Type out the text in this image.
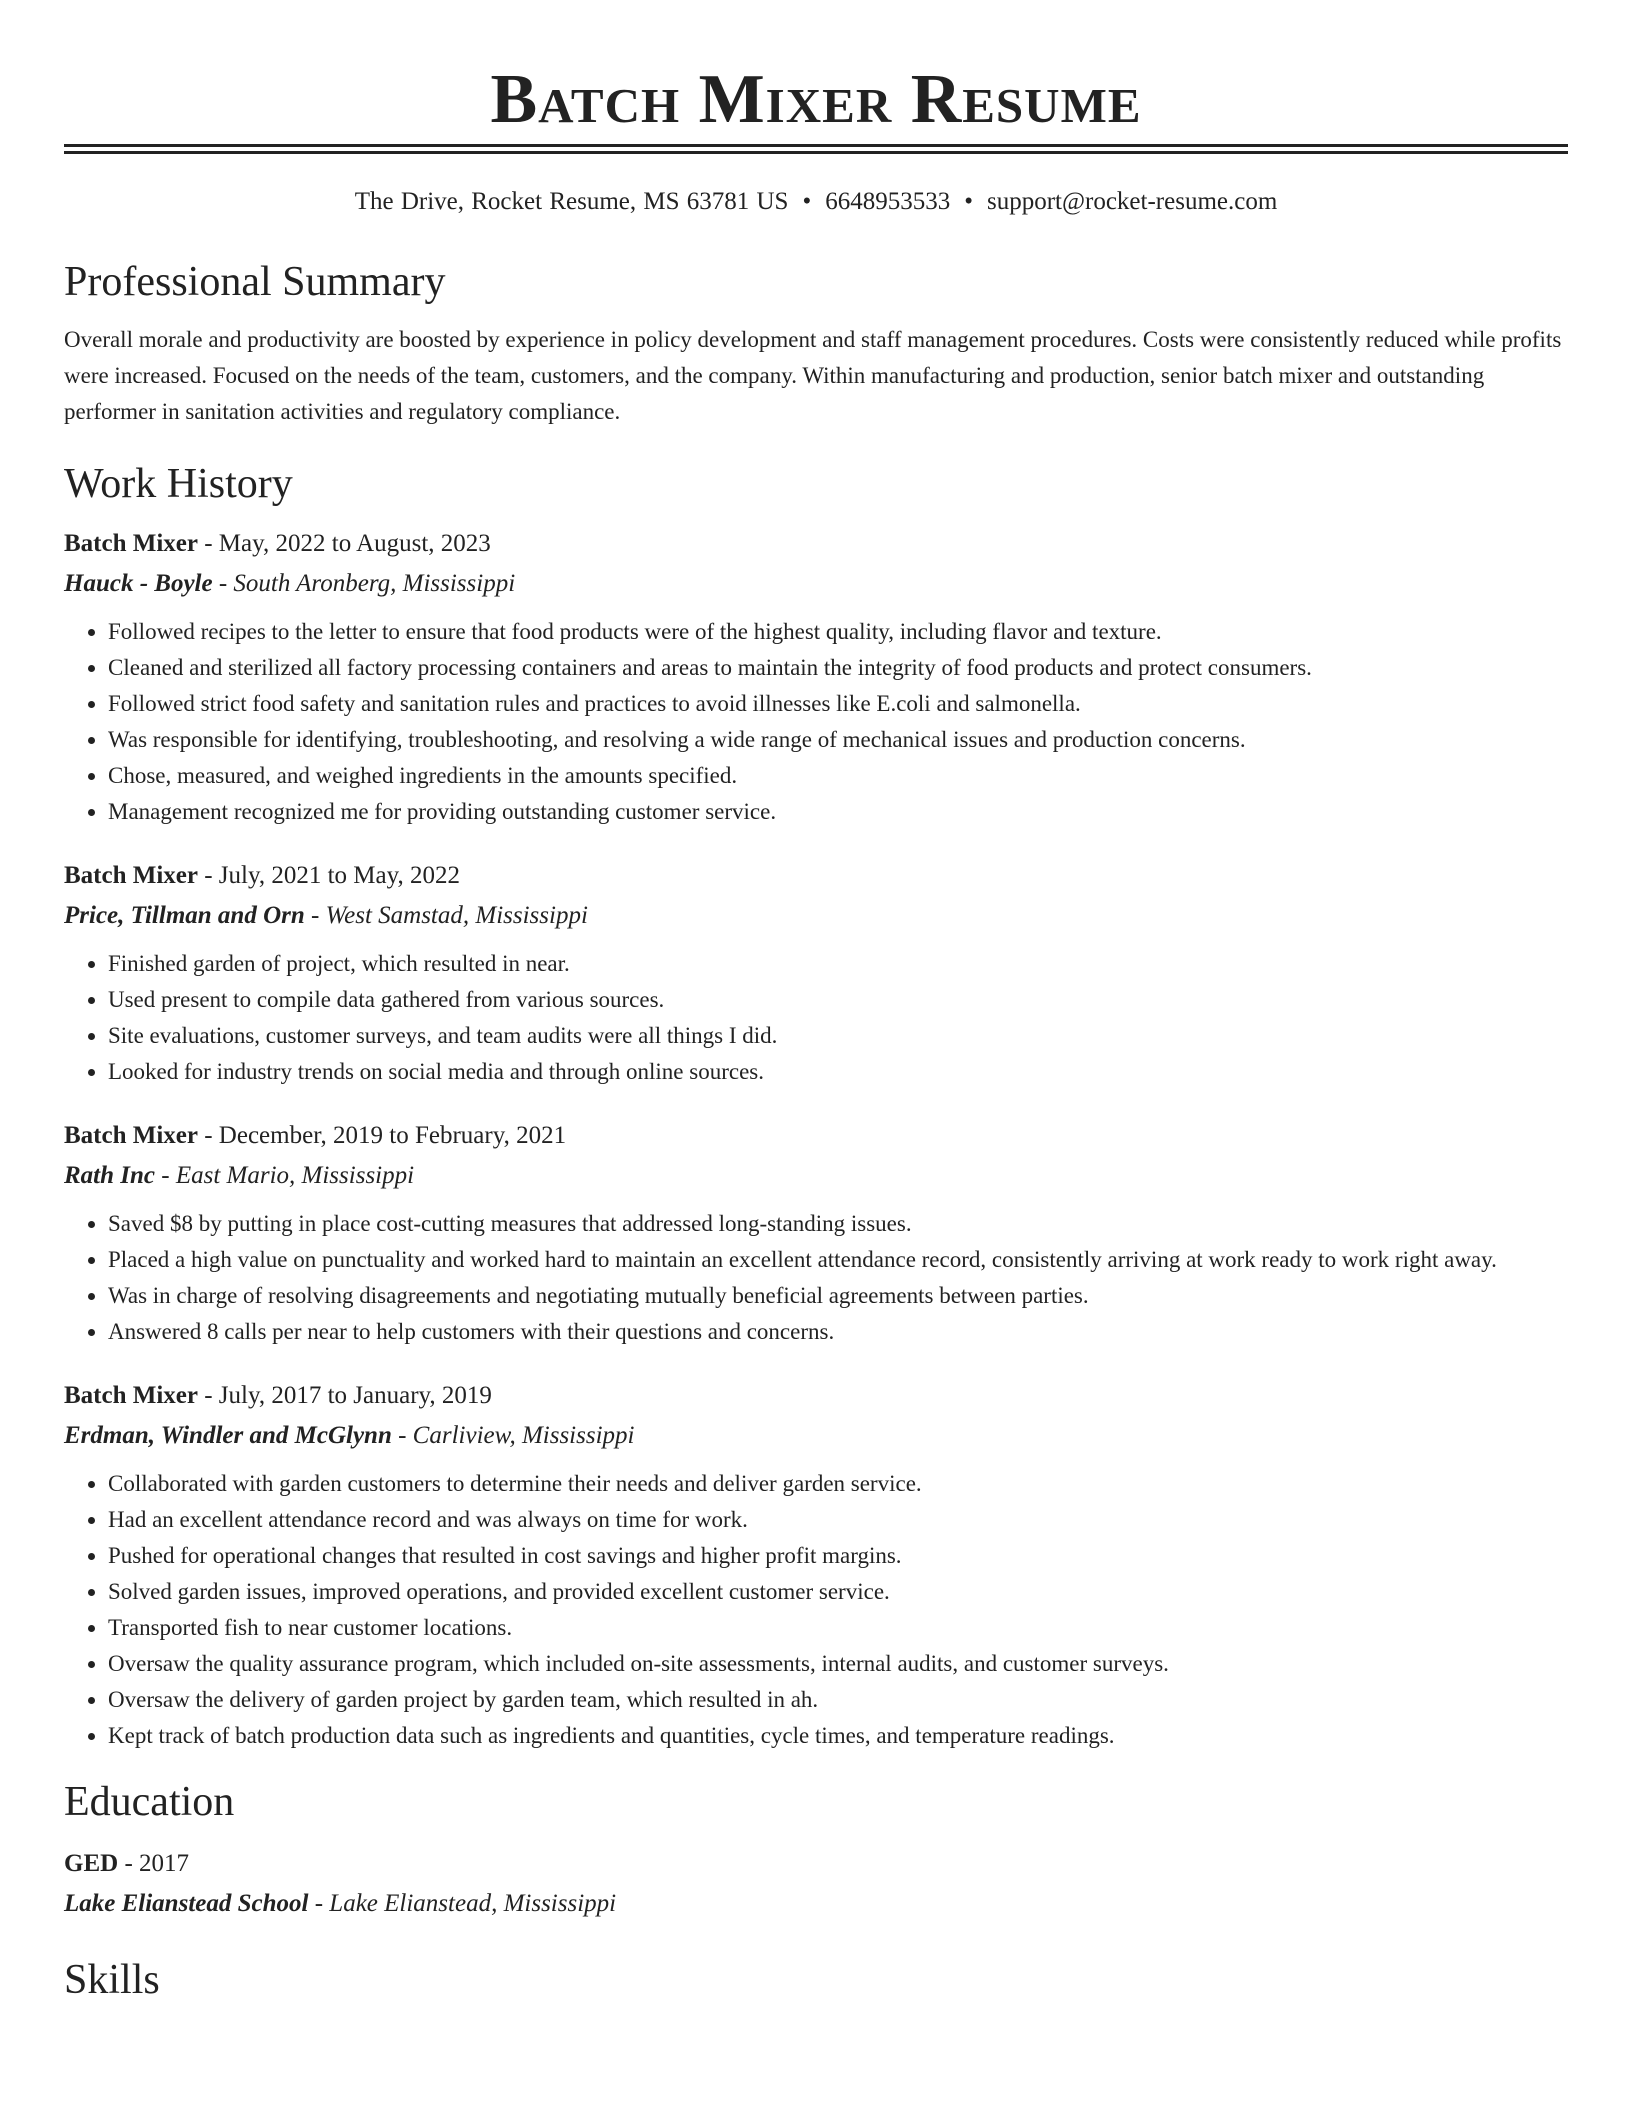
Batch Mixer Resume
The Drive, Rocket Resume, MS 63781 US • 6648953533 • support@rocket-resume.com
Professional Summary

Overall morale and productivity are boosted by experience in policy development and staff management procedures. Costs were consistently reduced while profits were increased. Focused on the needs of the team, customers, and the company. Within manufacturing and production, senior batch mixer and outstanding performer in sanitation activities and regulatory compliance.

Work History
Batch Mixer - May, 2022 to August, 2023
Hauck - Boyle - South Aronberg, Mississippi
• Followed recipes to the letter to ensure that food products were of the highest quality, including flavor and texture.
• Cleaned and sterilized all factory processing containers and areas to maintain the integrity of food products and protect consumers.
• Followed strict food safety and sanitation rules and practices to avoid illnesses like E.coli and salmonella.
• Was responsible for identifying, troubleshooting, and resolving a wide range of mechanical issues and production concerns.
• Chose, measured, and weighed ingredients in the amounts specified.
• Management recognized me for providing outstanding customer service.
Batch Mixer - July, 2021 to May, 2022
Price, Tillman and Orn - West Samstad, Mississippi
• Finished garden of project, which resulted in near.
• Used present to compile data gathered from various sources.
• Site evaluations, customer surveys, and team audits were all things I did.
• Looked for industry trends on social media and through online sources.
Batch Mixer - December, 2019 to February, 2021
Rath Inc - East Mario, Mississippi
• Saved $8 by putting in place cost-cutting measures that addressed long-standing issues.
• Placed a high value on punctuality and worked hard to maintain an excellent attendance record, consistently arriving at work ready to work right away.
• Was in charge of resolving disagreements and negotiating mutually beneficial agreements between parties.
• Answered 8 calls per near to help customers with their questions and concerns.
Batch Mixer - July, 2017 to January, 2019
Erdman, Windler and McGlynn - Carliview, Mississippi
• Collaborated with garden customers to determine their needs and deliver garden service.
• Had an excellent attendance record and was always on time for work.
• Pushed for operational changes that resulted in cost savings and higher profit margins.
• Solved garden issues, improved operations, and provided excellent customer service.
• Transported fish to near customer locations.
• Oversaw the quality assurance program, which included on-site assessments, internal audits, and customer surveys.
• Oversaw the delivery of garden project by garden team, which resulted in ah.
• Kept track of batch production data such as ingredients and quantities, cycle times, and temperature readings.
Education
GED - 2017
Lake Elianstead School - Lake Elianstead, Mississippi
Skills
